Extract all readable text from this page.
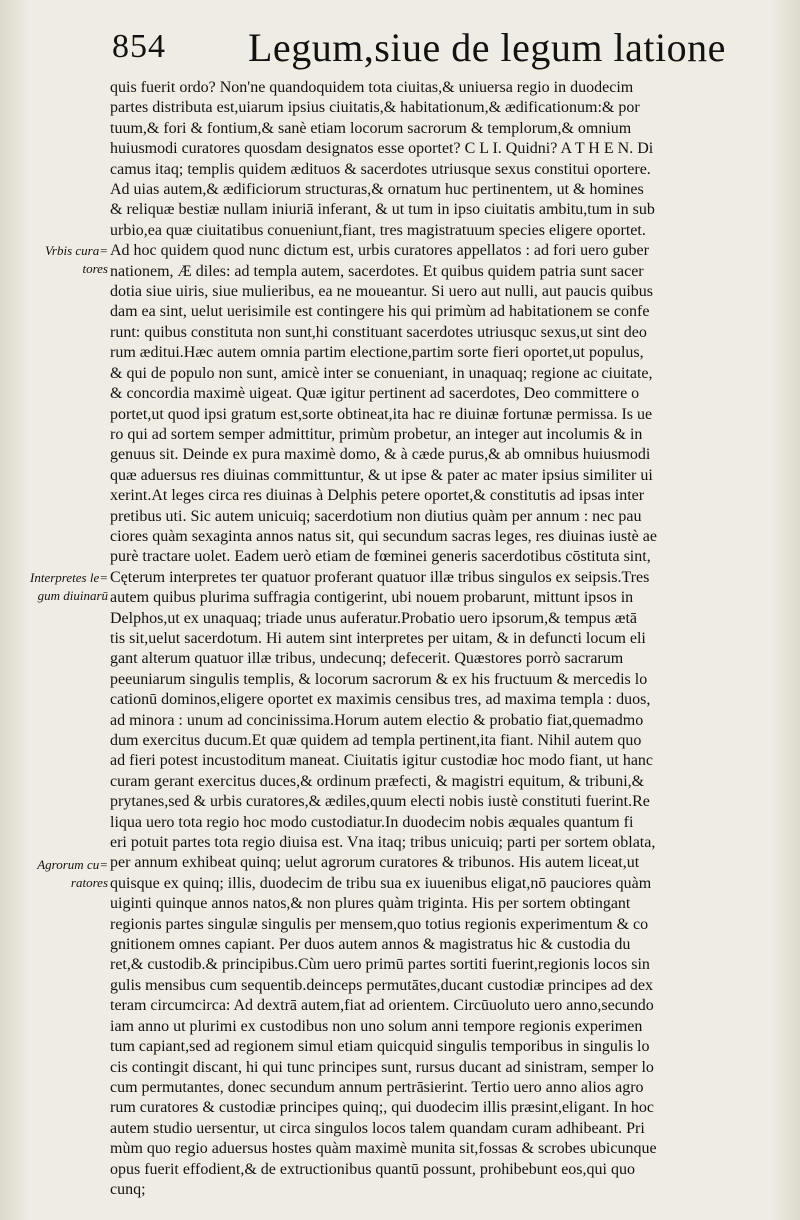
854 Legum,siue de legum latione
Vrbis cura=
tores
Interpretes le=
gum diuinarū
Agrorum cu=
ratores
quis fuerit ordo? Non'ne quandoquidem tota ciuitas,& uniuersa regio in duodecim
partes distributa est,uiarum ipsius ciuitatis,& habitationum,& ædificationum:& por
tuum,& fori & fontium,& sanè etiam locorum sacrorum & templorum,& omnium
huiusmodi curatores quosdam designatos esse oportet? C L I. Quidni? A T H E N. Di
camus itaq; templis quidem ædituos & sacerdotes utriusque sexus constitui oportere.
Ad uias autem,& ædificiorum structuras,& ornatum huc pertinentem, ut & homines
& reliquæ bestiæ nullam iniuriā inferant, & ut tum in ipso ciuitatis ambitu,tum in sub
urbio,ea quæ ciuitatibus conueniunt,fiant, tres magistratuum species eligere oportet.
Ad hoc quidem quod nunc dictum est, urbis curatores appellatos : ad fori uero guber
nationem, Æ diles: ad templa autem, sacerdotes. Et quibus quidem patria sunt sacer
dotia siue uiris, siue mulieribus, ea ne moueantur. Si uero aut nulli, aut paucis quibus
dam ea sint, uelut uerisimile est contingere his qui primùm ad habitationem se confe
runt: quibus constituta non sunt,hi constituant sacerdotes utriusquc sexus,ut sint deo
rum æditui.Hæc autem omnia partim electione,partim sorte fieri oportet,ut populus,
& qui de populo non sunt, amicè inter se conueniant, in unaquaq; regione ac ciuitate,
& concordia maximè uigeat. Quæ igitur pertinent ad sacerdotes, Deo committere o
portet,ut quod ipsi gratum est,sorte obtineat,ita hac re diuinæ fortunæ permissa. Is ue
ro qui ad sortem semper admittitur, primùm probetur, an integer aut incolumis & in
genuus sit. Deinde ex pura maximè domo, & à cæde purus,& ab omnibus huiusmodi
quæ aduersus res diuinas committuntur, & ut ipse & pater ac mater ipsius similiter ui
xerint.At leges circa res diuinas à Delphis petere oportet,& constitutis ad ipsas inter
pretibus uti. Sic autem unicuiq; sacerdotium non diutius quàm per annum : nec pau
ciores quàm sexaginta annos natus sit, qui secundum sacras leges, res diuinas iustè ae
purè tractare uolet. Eadem uerò etiam de fœminei generis sacerdotibus cōstituta sint,
Cęterum interpretes ter quatuor proferant quatuor illæ tribus singulos ex seipsis.Tres
autem quibus plurima suffragia contigerint, ubi nouem probarunt, mittunt ipsos in
Delphos,ut ex unaquaq; triade unus auferatur.Probatio uero ipsorum,& tempus ætā
tis sit,uelut sacerdotum. Hi autem sint interpretes per uitam, & in defuncti locum eli
gant alterum quatuor illæ tribus, undecunq; defecerit. Quæstores porrò sacrarum
peeuniarum singulis templis, & locorum sacrorum & ex his fructuum & mercedis lo
cationū dominos,eligere oportet ex maximis censibus tres, ad maxima templa : duos,
ad minora : unum ad concinissima.Horum autem electio & probatio fiat,quemadmo
dum exercitus ducum.Et quæ quidem ad templa pertinent,ita fiant. Nihil autem quo
ad fieri potest incustoditum maneat. Ciuitatis igitur custodiæ hoc modo fiant, ut hanc
curam gerant exercitus duces,& ordinum præfecti, & magistri equitum, & tribuni,&
prytanes,sed & urbis curatores,& ædiles,quum electi nobis iustè constituti fuerint.Re
liqua uero tota regio hoc modo custodiatur.In duodecim nobis æquales quantum fi
eri potuit partes tota regio diuisa est. Vna itaq; tribus unicuiq; parti per sortem oblata,
per annum exhibeat quinq; uelut agrorum curatores & tribunos. His autem liceat,ut
quisque ex quinq; illis, duodecim de tribu sua ex iuuenibus eligat,nō pauciores quàm
uiginti quinque annos natos,& non plures quàm triginta. His per sortem obtingant
regionis partes singulæ singulis per mensem,quo totius regionis experimentum & co
gnitionem omnes capiant. Per duos autem annos & magistratus hic & custodia du
ret,& custodib.& principibus.Cùm uero primū partes sortiti fuerint,regionis locos sin
gulis mensibus cum sequentib.deinceps permutātes,ducant custodiæ principes ad dex
teram circumcirca: Ad dextrā autem,fiat ad orientem. Circūuoluto uero anno,secundo
iam anno ut plurimi ex custodibus non uno solum anni tempore regionis experimen
tum capiant,sed ad regionem simul etiam quicquid singulis temporibus in singulis lo
cis contingit discant, hi qui tunc principes sunt, rursus ducant ad sinistram, semper lo
cum permutantes, donec secundum annum pertrāsierint. Tertio uero anno alios agro
rum curatores & custodiæ principes quinq;, qui duodecim illis præsint,eligant. In hoc
autem studio uersentur, ut circa singulos locos talem quandam curam adhibeant. Pri
mùm quo regio aduersus hostes quàm maximè munita sit,fossas & scrobes ubicunque
opus fuerit effodient,& de extructionibus quantū possunt, prohibebunt eos,qui quo
cunq;
